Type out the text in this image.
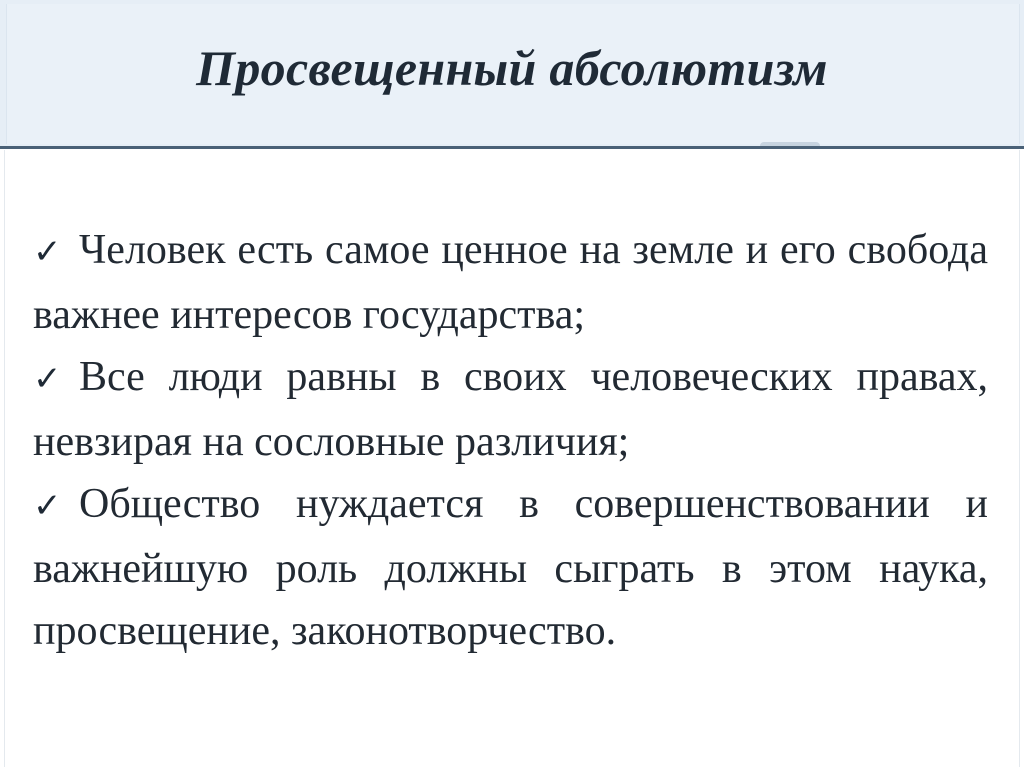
Просвещенный абсолютизм

✓ Человек есть самое ценное на земле и его свобода важнее интересов государства;

✓ Все люди равны в своих человеческих правах, невзирая на сословные различия;

✓ Общество нуждается в совершенствовании и важнейшую роль должны сыграть в этом наука, просвещение, законотворчество.
